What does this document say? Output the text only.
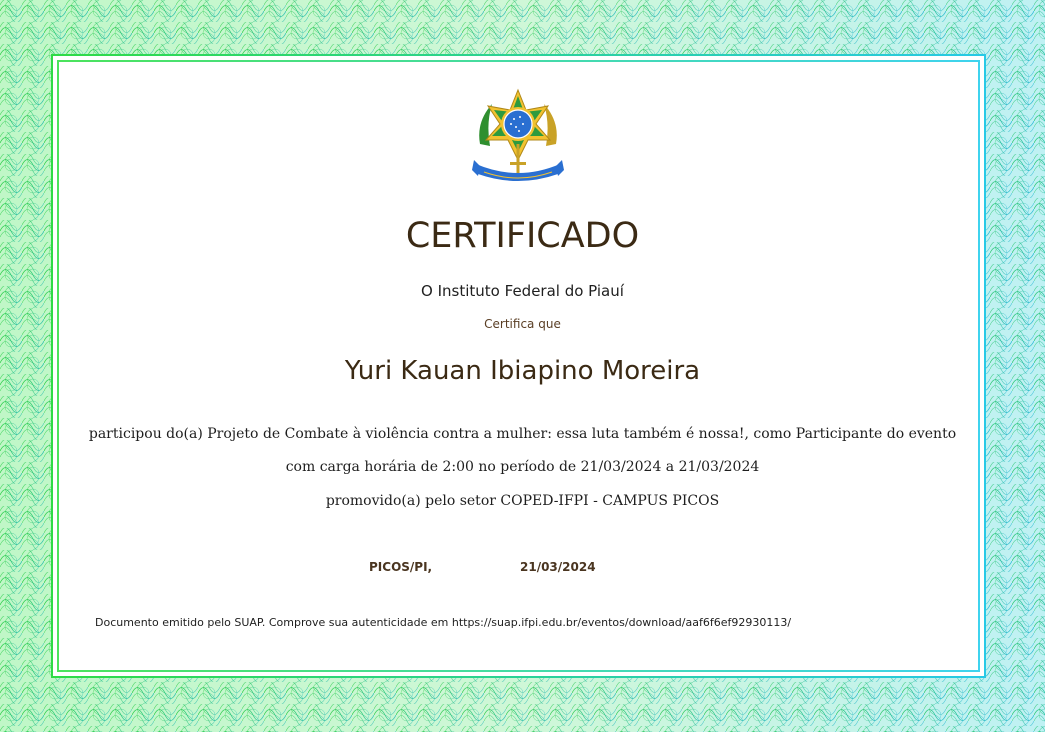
CERTIFICADO
O Instituto Federal do Piauí
Certifica que
Yuri Kauan Ibiapino Moreira
participou do(a) Projeto de Combate à violência contra a mulher: essa luta também é nossa!, como Participante do evento
com carga horária de 2:00 no período de 21/03/2024 a 21/03/2024
promovido(a) pelo setor COPED-IFPI - CAMPUS PICOS
PICOS/PI,	21/03/2024
Documento emitido pelo SUAP. Comprove sua autenticidade em https://suap.ifpi.edu.br/eventos/download/aaf6f6ef92930113/
